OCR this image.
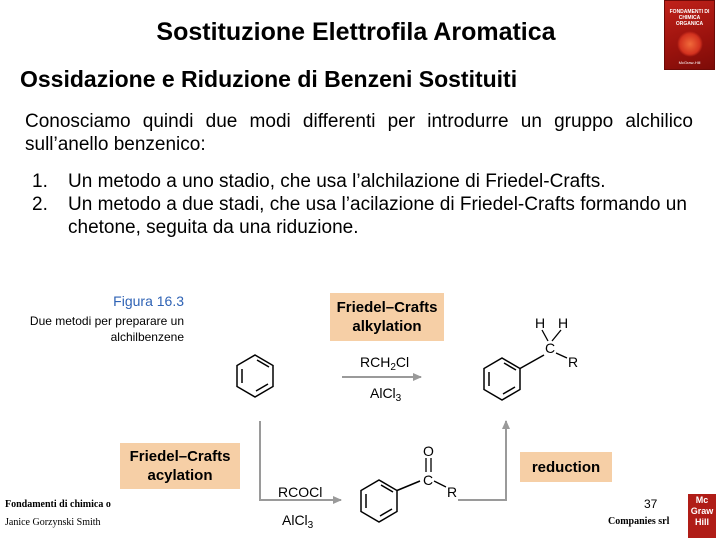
Sostituzione Elettrofila Aromatica
FONDAMENTI DI CHIMICA ORGANICA
McGraw-Hill
Ossidazione e Riduzione di Benzeni Sostituiti
Conosciamo quindi due modi differenti per introdurre un gruppo alchilico sull’anello benzenico:
1. Un metodo a uno stadio, che usa l’alchilazione di Friedel-Crafts.
2. Un metodo a due stadi, che usa l’acilazione di Friedel-Crafts formando un chetone, seguita da una riduzione.
Figura 16.3
Due metodi per preparare un alchilbenzene
H H
C
R
O
C
R
$RCH_2Cl$
AlCl$_3$
RCOCl
AlCl$_3$
Friedel–Crafts
alkylation
Friedel–Crafts
acylation	reduction
Fondamenti di chimica o
Janice Gorzynski Smith
37
Companies srl
Mc
Graw
Hill
